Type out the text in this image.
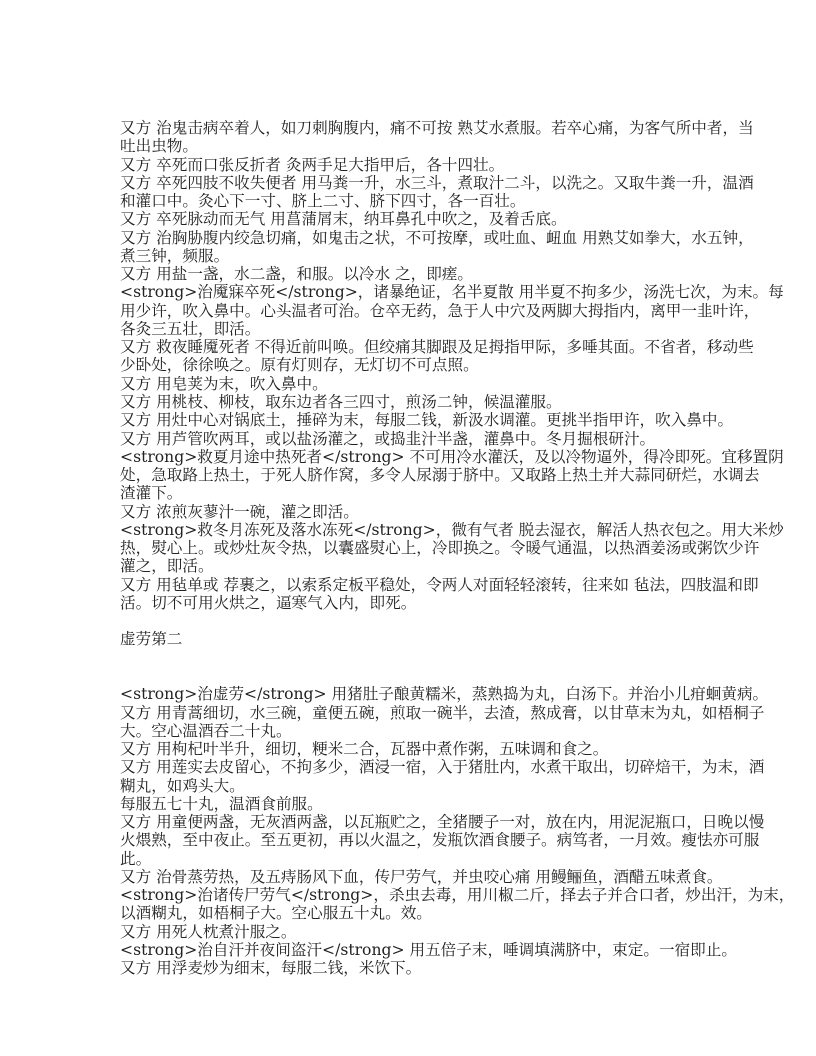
又方 治鬼击病卒着人，如刀刺胸腹内，痛不可按 熟艾水煮服。若卒心痛，为客气所中者，当
吐出虫物。
又方 卒死而口张反折者 灸两手足大指甲后，各十四壮。
又方 卒死四肢不收失便者 用马粪一升，水三斗，煮取汁二斗，以洗之。又取牛粪一升，温酒
和灌口中。灸心下一寸、脐上二寸、脐下四寸，各一百壮。
又方 卒死脉动而无气 用菖蒲屑末，纳耳鼻孔中吹之，及着舌底。
又方 治胸胁腹内绞急切痛，如鬼击之状，不可按摩，或吐血、衄血 用熟艾如拳大，水五钟，
煮三钟，频服。
又方 用盐一盏，水二盏，和服。以冷水 之，即瘥。
<strong>治魇寐卒死</strong>，诸暴绝证，名半夏散 用半夏不拘多少，汤洗七次，为末。每
用少许，吹入鼻中。心头温者可治。仓卒无药，急于人中穴及两脚大拇指内，离甲一韭叶许，
各灸三五壮，即活。
又方 救夜睡魇死者 不得近前叫唤。但绞痛其脚跟及足拇指甲际，多唾其面。不省者，移动些
少卧处，徐徐唤之。原有灯则存，无灯切不可点照。
又方 用皂荚为末，吹入鼻中。
又方 用桃枝、柳枝，取东边者各三四寸，煎汤二钟，候温灌服。
又方 用灶中心对锅底土，捶碎为末，每服二钱，新汲水调灌。更挑半指甲许，吹入鼻中。
又方 用芦管吹两耳，或以盐汤灌之，或捣韭汁半盏，灌鼻中。冬月掘根研汁。
<strong>救夏月途中热死者</strong> 不可用冷水灌沃，及以冷物逼外，得冷即死。宜移置阴
处，急取路上热土，于死人脐作窝，多令人尿溺于脐中。又取路上热土并大蒜同研烂，水调去
渣灌下。
又方 浓煎灰蓼汁一碗，灌之即活。
<strong>救冬月冻死及落水冻死</strong>，微有气者 脱去湿衣，解活人热衣包之。用大米炒
热，熨心上。或炒灶灰令热，以囊盛熨心上，冷即换之。令暖气通温，以热酒姜汤或粥饮少许
灌之，即活。
又方 用毡单或 荐裹之，以索系定板平稳处，令两人对面轻轻滚转，往来如 毡法，四肢温和即
活。切不可用火烘之，逼寒气入内，即死。
虚劳第二
<strong>治虚劳</strong> 用猪肚子酿黄糯米，蒸熟捣为丸，白汤下。并治小儿疳蛔黄病。
又方 用青蒿细切，水三碗，童便五碗，煎取一碗半，去渣，熬成膏，以甘草末为丸，如梧桐子
大。空心温酒吞二十丸。
又方 用枸杞叶半升，细切，粳米二合，瓦器中煮作粥，五味调和食之。
又方 用莲实去皮留心，不拘多少，酒浸一宿，入于猪肚内，水煮干取出，切碎焙干，为末，酒
糊丸，如鸡头大。
每服五七十丸，温酒食前服。
又方 用童便两盏，无灰酒两盏，以瓦瓶贮之，全猪腰子一对，放在内，用泥泥瓶口，日晚以慢
火煨熟，至中夜止。至五更初，再以火温之，发瓶饮酒食腰子。病笃者，一月效。瘦怯亦可服
此。
又方 治骨蒸劳热，及五痔肠风下血，传尸劳气，并虫咬心痛 用鳗鲡鱼，酒醋五味煮食。
<strong>治诸传尸劳气</strong>，杀虫去毒，用川椒二斤，择去子并合口者，炒出汗，为末，
以酒糊丸，如梧桐子大。空心服五十丸。效。
又方 用死人枕煮汁服之。
<strong>治自汗并夜间盗汗</strong> 用五倍子末，唾调填满脐中，束定。一宿即止。
又方 用浮麦炒为细末，每服二钱，米饮下。
